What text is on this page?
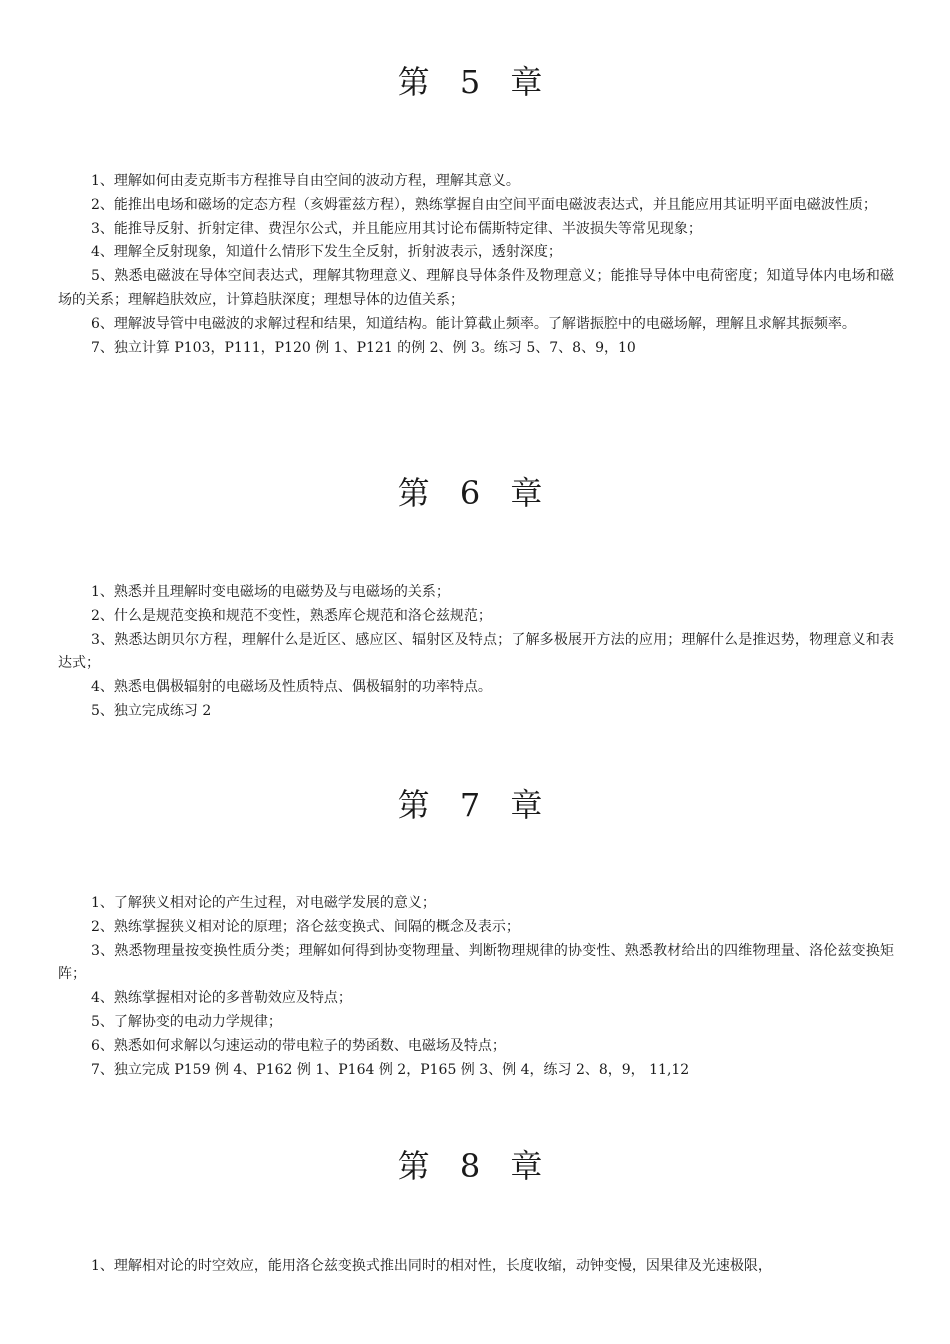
第 5 章
1、理解如何由麦克斯韦方程推导自由空间的波动方程，理解其意义。
2、能推出电场和磁场的定态方程（亥姆霍兹方程），熟练掌握自由空间平面电磁波表达式，并且能应用其证明平面电磁波性质；
3、能推导反射、折射定律、费涅尔公式，并且能应用其讨论布儒斯特定律、半波损失等常见现象；
4、理解全反射现象，知道什么情形下发生全反射，折射波表示，透射深度；
5、熟悉电磁波在导体空间表达式，理解其物理意义、理解良导体条件及物理意义；能推导导体中电荷密度；知道导体内电场和磁场的关系；理解趋肤效应，计算趋肤深度；理想导体的边值关系；
6、理解波导管中电磁波的求解过程和结果，知道结构。能计算截止频率。了解谐振腔中的电磁场解，理解且求解其振频率。
7、独立计算 P103，P111，P120 例 1、P121 的例 2、例 3。练习 5、7、8、9，10
第 6 章
1、熟悉并且理解时变电磁场的电磁势及与电磁场的关系；
2、什么是规范变换和规范不变性，熟悉库仑规范和洛仑兹规范；
3、熟悉达朗贝尔方程，理解什么是近区、感应区、辐射区及特点；了解多极展开方法的应用；理解什么是推迟势，物理意义和表达式；
4、熟悉电偶极辐射的电磁场及性质特点、偶极辐射的功率特点。
5、独立完成练习 2
第 7 章
1、了解狭义相对论的产生过程，对电磁学发展的意义；
2、熟练掌握狭义相对论的原理；洛仑兹变换式、间隔的概念及表示；
3、熟悉物理量按变换性质分类；理解如何得到协变物理量、判断物理规律的协变性、熟悉教材给出的四维物理量、洛伦兹变换矩阵；
4、熟练掌握相对论的多普勒效应及特点；
5、了解协变的电动力学规律；
6、熟悉如何求解以匀速运动的带电粒子的势函数、电磁场及特点；
7、独立完成 P159 例 4、P162 例 1、P164 例 2，P165 例 3、例 4，练习 2、8，9， 11,12
第 8 章
1、理解相对论的时空效应，能用洛仑兹变换式推出同时的相对性，长度收缩，动钟变慢，因果律及光速极限，
